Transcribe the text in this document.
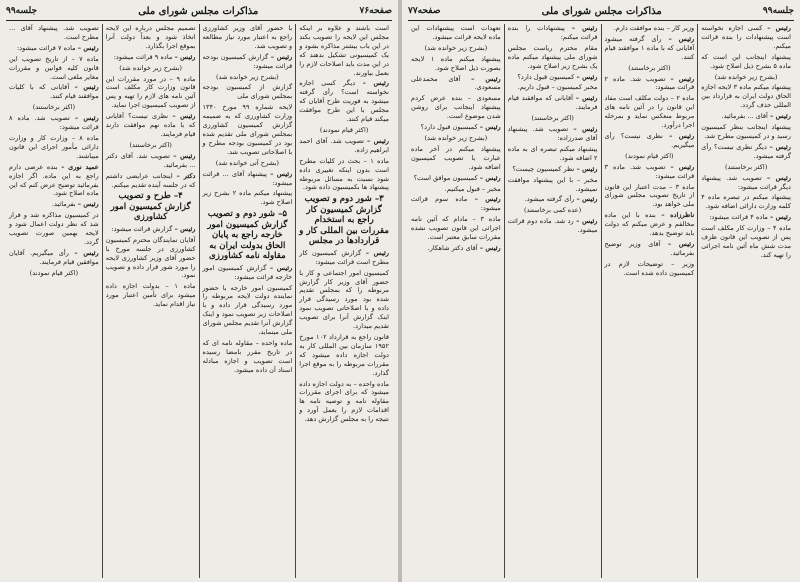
صفحه۷۶
مذاکرات مجلس شورای ملی
جلسه۹۹

است باشند و علاوه بر اینکه مجلس این لایحه را تصویب بکند در این باب بیشتر مذاکره بشود و یک کمیسیونی تشکیل بدهند که در این مدت باید اصلاحات لازم را بعمل بیاورند.

رئیس – دیگر کسی اجازه نخواسته است؟ رأی گرفته میشود به فوریت طرح آقایان که مجلس با این طرح موافقت میکند قیام کنند.

(اکثر قیام نمودند)

رئیس – تصویب شد. آقای احمد ابراهیم زاده.

ماده ۱ – بحث در کلیات مطرح است بدون اینکه تغییری داده شود نسبت به مسائل مربوطه پیشنهاد ها بکمیسیون داده شود.

۳– شور دوم و تصویب گزارش کمیسیون کار راجع به استخدام مقررات بین المللی کار و قراردادها در مجلس

رئیس – گزارش کمیسیون کار مطرح است قرائت میشود:

کمیسیون امور اجتماعی و کار با حضور آقای وزیر کار گزارش مربوطه را که بمجلس تقدیم شده بود مورد رسیدگی قرار داده و با اصلاحاتی تصویب نمود اینک گزارش آنرا برای تصویب تقدیم میدارد.

قانون راجع به قرارداد ۱۰۲ مورخ ۱۹۵۲ سازمان بین المللی کار به دولت اجازه داده میشود که مقررات مربوطه را به موقع اجرا گذارد.

ماده واحده – به دولت اجازه داده میشود که برای اجرای مقررات مقاوله نامه و توصیه نامه ها اقدامات لازم را بعمل آورد و نتیجه را به مجلس گزارش دهد.

با حضور آقای وزیر کشاورزی راجع به اعتبار مورد نیاز مطالعه و تصویب شد.

رئیس – گزارش کمیسیون بودجه قرائت میشود:

(بشرح زیر خوانده شد)

گزارش از کمیسیون بودجه بمجلس شورای ملی

لایحه شماره ۹۹ مورخ ۱۳۴۰ وزارت کشاورزی که به ضمیمه گزارش کمیسیون کشاورزی بمجلس شورای ملی تقدیم شده بود در کمیسیون بودجه مطرح و با اصلاحاتی تصویب شد.

(بشرح آتی خوانده شد)

رئیس – پیشنهاد آقای ... قرائت میشود:

پیشنهاد میکنم ماده ۲ بشرح زیر اصلاح شود.

۵– شور دوم و تصویب گزارش کمیسیون امور خارجه راجع به پایان الحاق بدولت ایران به مقاوله نامه کشاورزی

رئیس – گزارش کمیسیون امور خارجه قرائت میشود:

کمیسیون امور خارجه با حضور نماینده دولت لایحه مربوطه را مورد رسیدگی قرار داده و با اصلاحات زیر تصویب نمود و اینک گزارش آنرا تقدیم مجلس شورای ملی مینماید.

ماده واحده – مقاوله نامه ای که در تاریخ مقرر بامضا رسیده است تصویب و اجازه مبادله اسناد آن داده میشود.

تصمیم مجلس درباره این لایحه اتخاذ شود و بعداً دولت آنرا بموقع اجرا بگذارد.

رئیس – ماده ۹ قرائت میشود:

(بشرح زیر خوانده شد)

ماده ۹ – در مورد مقررات این قانون وزارت کار مکلف است آئین نامه های لازم را تهیه و پس از تصویب کمیسیون اجرا نماید.

رئیس – نظری نیست؟ آقایانی که با ماده نهم موافقت دارند قیام فرمایند.

(اکثر برخاستند)

رئیس – تصویب شد. آقای دکتر ... بفرمائید.

دکتر – اینجانب عرایضی داشتم که در جلسه آینده تقدیم میکنم.

۴– طرح و تصویب گزارش کمیسیون امور کشاورزی

رئیس – گزارش قرائت میشود:

آقایان نمایندگان محترم کمیسیون کشاورزی در جلسه مورخ با حضور آقای وزیر کشاورزی لایحه را مورد شور قرار داده و تصویب نمود.

ماده ۱ – بدولت اجازه داده میشود برای تأمین اعتبار مورد نیاز اقدام نماید.

تصویب شد. پیشنهاد آقای ... مطرح است.

رئیس – ماده ۷ قرائت میشود:

ماده ۷ – از تاریخ تصویب این قانون کلیه قوانین و مقررات مغایر ملغی است.

رئیس – آقایانی که با کلیات موافقند قیام کنند.

(اکثر برخاستند)

رئیس – تصویب شد. ماده ۸ قرائت میشود:

ماده ۸ – وزارت کار و وزارت دارائی مأمور اجرای این قانون میباشند.

عمید نوری – بنده عرضی دارم راجع به این ماده. اگر اجازه بفرمائید توضیح عرض کنم که این ماده اصلاح شود.

رئیس – بفرمائید.

در کمیسیون مذاکره شد و قرار شد که نظر دولت اعمال شود و لایحه بهمین صورت تصویب گردد.

رئیس – رأی میگیریم. آقایان موافقین قیام فرمایند.

(اکثر قیام نمودند)

جلسه۹۹
مذاکرات مجلس شورای ملی
صفحه۷۷

رئیس – کسی اجازه نخواسته است پیشنهادات را بنده قرائت میکنم.

پیشنهاد اینجانب این است که ماده ۵ بشرح ذیل اصلاح شود.

(بشرح زیر خوانده شد)

پیشنهاد میکنم ماده ۳ لایحه اجازه الحاق دولت ایران به قرارداد بین المللی حذف گردد.

رئیس – آقای ... بفرمائید.

پیشنهاد اینجانب بنظر کمیسیون رسید و در کمیسیون مطرح شد.

رئیس – دیگر نظری نیست؟ رأی گرفته میشود.

(اکثر برخاستند)

رئیس – تصویب شد. پیشنهاد دیگر قرائت میشود:

پیشنهاد میکنم در تبصره ماده ۴ کلمه وزارت دارائی اضافه شود.

رئیس – ماده ۴ قرائت میشود:

ماده ۴ – وزارت کار مکلف است پس از تصویب این قانون ظرف مدت شش ماه آئین نامه اجرائی را تهیه کند.

وزیر کار – بنده موافقت دارم.

رئیس – رأی گرفته میشود آقایانی که با ماده ۱ موافقند قیام کنند.

(اکثر برخاستند)

رئیس – تصویب شد. ماده ۲ قرائت میشود:

ماده ۲ – دولت مکلف است مفاد این قانون را در آئین نامه های مربوط منعکس نماید و بمرحله اجرا درآورد.

رئیس – نظری نیست؟ رأی میگیریم.

(اکثر قیام نمودند)

رئیس – تصویب شد. ماده ۳ قرائت میشود:

ماده ۳ – مدت اعتبار این قانون از تاریخ تصویب مجلس شورای ملی خواهد بود.

ناظرزاده – بنده با این ماده مخالفم و عرض میکنم که دولت باید توضیح بدهد.

رئیس – آقای وزیر توضیح بفرمائید.

وزیر – توضیحات لازم در کمیسیون داده شده است.

رئیس – پیشنهادات را بنده قرائت میکنم:

مقام محترم ریاست مجلس شورای ملی پیشنهاد میکنم ماده یک بشرح زیر اصلاح شود.

رئیس – کمیسیون قبول دارد؟

مخبر کمیسیون – قبول داریم.

رئیس – آقایانی که موافقند قیام فرمایند.

(اکثر برخاستند)

رئیس – تصویب شد. پیشنهاد آقای صدرزاده:

پیشنهاد میکنم تبصره ای به ماده ۲ اضافه شود.

رئیس – نظر کمیسیون چیست؟

مخبر – با این پیشنهاد موافقت نمیشود.

رئیس – رأی گرفته میشود.

(عده کمی برخاستند)

رئیس – رد شد. ماده دوم قرائت میشود.

تعهدات است پیشنهادات این ماده لایحه قرائت میشود.

(بشرح زیر خوانده شد)

پیشنهاد میکنم ماده ۱ لایحه بصورت ذیل اصلاح شود.

رئیس – آقای محمدعلی مسعودی.

مسعودی – بنده عرض کردم پیشنهاد اینجانب برای روشن شدن موضوع است.

رئیس – کمیسیون قبول دارد؟

(بشرح زیر خوانده شد)

پیشنهاد میکنم در آخر ماده عبارت با تصویب کمیسیون اضافه شود.

رئیس – کمیسیون موافق است؟

مخبر – قبول میکنیم.

رئیس – ماده سوم قرائت میشود:

ماده ۳ – مادام که آئین نامه اجرائی این قانون تصویب نشده مقررات سابق معتبر است.

رئیس – آقای دکتر شاهکار.
